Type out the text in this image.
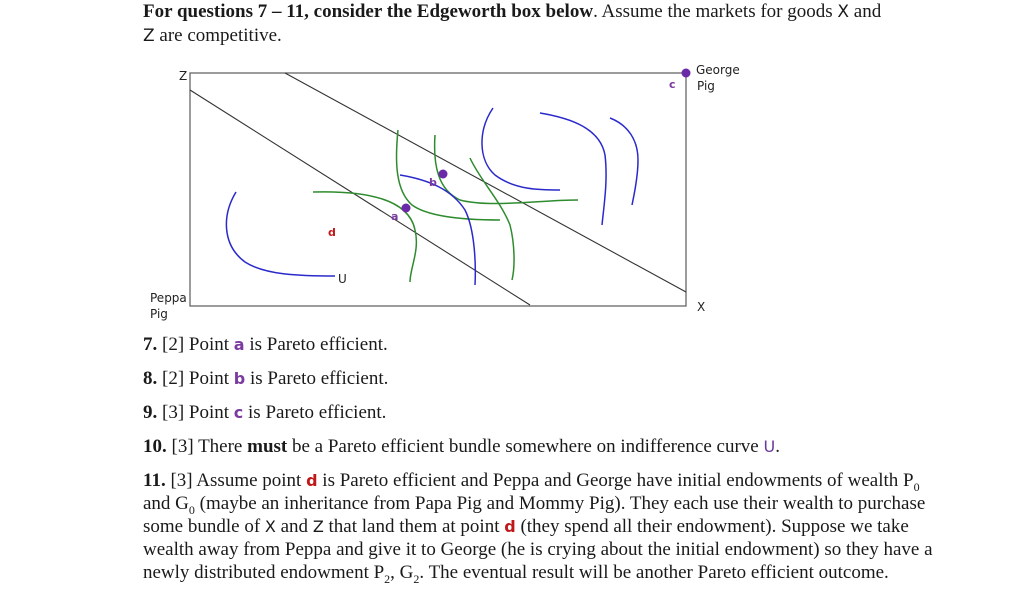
For questions 7 – 11, consider the Edgeworth box below. Assume the markets for goods X and
Z are competitive.
Z
X
George
Pig
Peppa
Pig
a
b
c
d
U
7. [2] Point a is Pareto efficient.
8. [2] Point b is Pareto efficient.
9. [3] Point c is Pareto efficient.
10. [3] There must be a Pareto efficient bundle somewhere on indifference curve U.
11. [3] Assume point d is Pareto efficient and Peppa and George have initial endowments of wealth $P_0$ and $G_0$ (maybe an inheritance from Papa Pig and Mommy Pig). They each use their wealth to purchase some bundle of X and Z that land them at point d (they spend all their endowment). Suppose we take wealth away from Peppa and give it to George (he is crying about the initial endowment) so they have a newly distributed endowment $P_2$, $G_2$. The eventual result will be another Pareto efficient outcome.
